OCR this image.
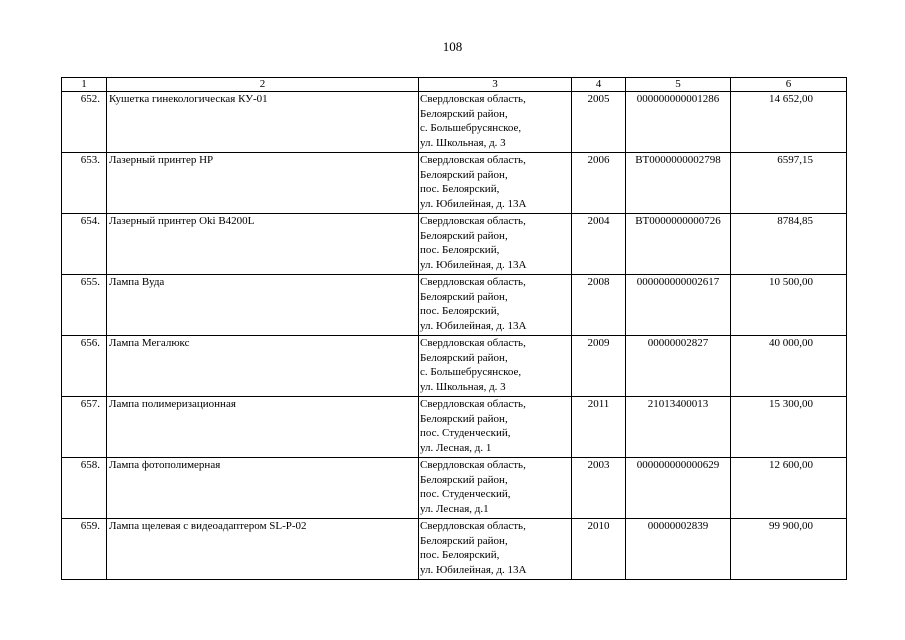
108
1	2	3	4	5	6
652.	Кушетка гинекологическая КУ-01	Свердловская область,
Белоярский район,
с. Большебрусянское,
ул. Школьная, д. 3	2005	000000000001286	14 652,00
653.	Лазерный принтер HP	Свердловская область,
Белоярский район,
пос. Белоярский,
ул. Юбилейная, д. 13А	2006	ВТ0000000002798	6597,15
654.	Лазерный принтер Oki B4200L	Свердловская область,
Белоярский район,
пос. Белоярский,
ул. Юбилейная, д. 13А	2004	ВТ0000000000726	8784,85
655.	Лампа Вуда	Свердловская область,
Белоярский район,
пос. Белоярский,
ул. Юбилейная, д. 13А	2008	000000000002617	10 500,00
656.	Лампа Мегалюкс	Свердловская область,
Белоярский район,
с. Большебрусянское,
ул. Школьная, д. 3	2009	00000002827	40 000,00
657.	Лампа полимеризационная	Свердловская область,
Белоярский район,
пос. Студенческий,
ул. Лесная, д. 1	2011	21013400013	15 300,00
658.	Лампа фотополимерная	Свердловская область,
Белоярский район,
пос. Студенческий,
ул. Лесная, д.1	2003	000000000000629	12 600,00
659.	Лампа щелевая с видеоадаптером SL-P-02	Свердловская область,
Белоярский район,
пос. Белоярский,
ул. Юбилейная, д. 13А	2010	00000002839	99 900,00
